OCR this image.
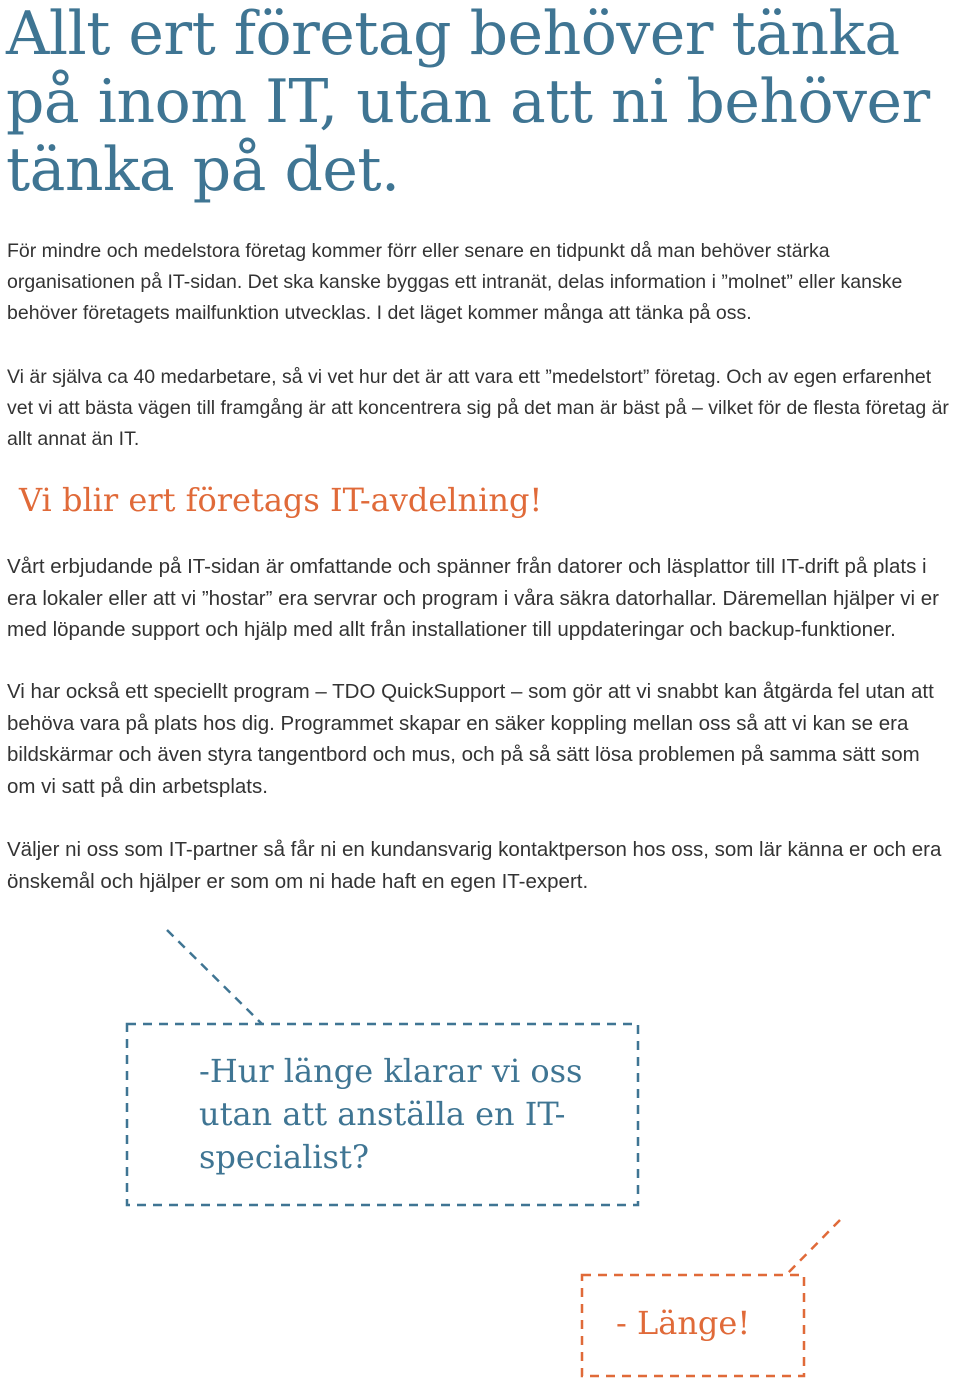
Allt ert företag behöver tänka på inom IT, utan att ni behöver tänka på det.

För mindre och medelstora företag kommer förr eller senare en tidpunkt då man behöver stärka organisationen på IT-sidan. Det ska kanske byggas ett intranät, delas information i ”molnet” eller kanske behöver företagets mailfunktion utvecklas. I det läget kommer många att tänka på oss.

Vi är själva ca 40 medarbetare, så vi vet hur det är att vara ett ”medelstort” företag. Och av egen erfarenhet vet vi att bästa vägen till framgång är att koncentrera sig på det man är bäst på – vilket för de flesta företag är allt annat än IT.

Vi blir ert företags IT-avdelning!

Vårt erbjudande på IT-sidan är omfattande och spänner från datorer och läsplattor till IT-drift på plats i era lokaler eller att vi ”hostar” era servrar och program i våra säkra datorhallar. Däremellan hjälper vi er med löpande support och hjälp med allt från installationer till uppdateringar och backup-funktioner.

Vi har också ett speciellt program – TDO QuickSupport – som gör att vi snabbt kan åtgärda fel utan att behöva vara på plats hos dig. Programmet skapar en säker koppling mellan oss så att vi kan se era bildskärmar och även styra tangentbord och mus, och på så sätt lösa problemen på samma sätt som om vi satt på din arbetsplats.

Väljer ni oss som IT-partner så får ni en kundansvarig kontaktperson hos oss, som lär känna er och era önskemål och hjälper er som om ni hade haft en egen IT-expert.

-Hur länge klarar vi oss utan att anställa en IT-specialist?

- Länge!
